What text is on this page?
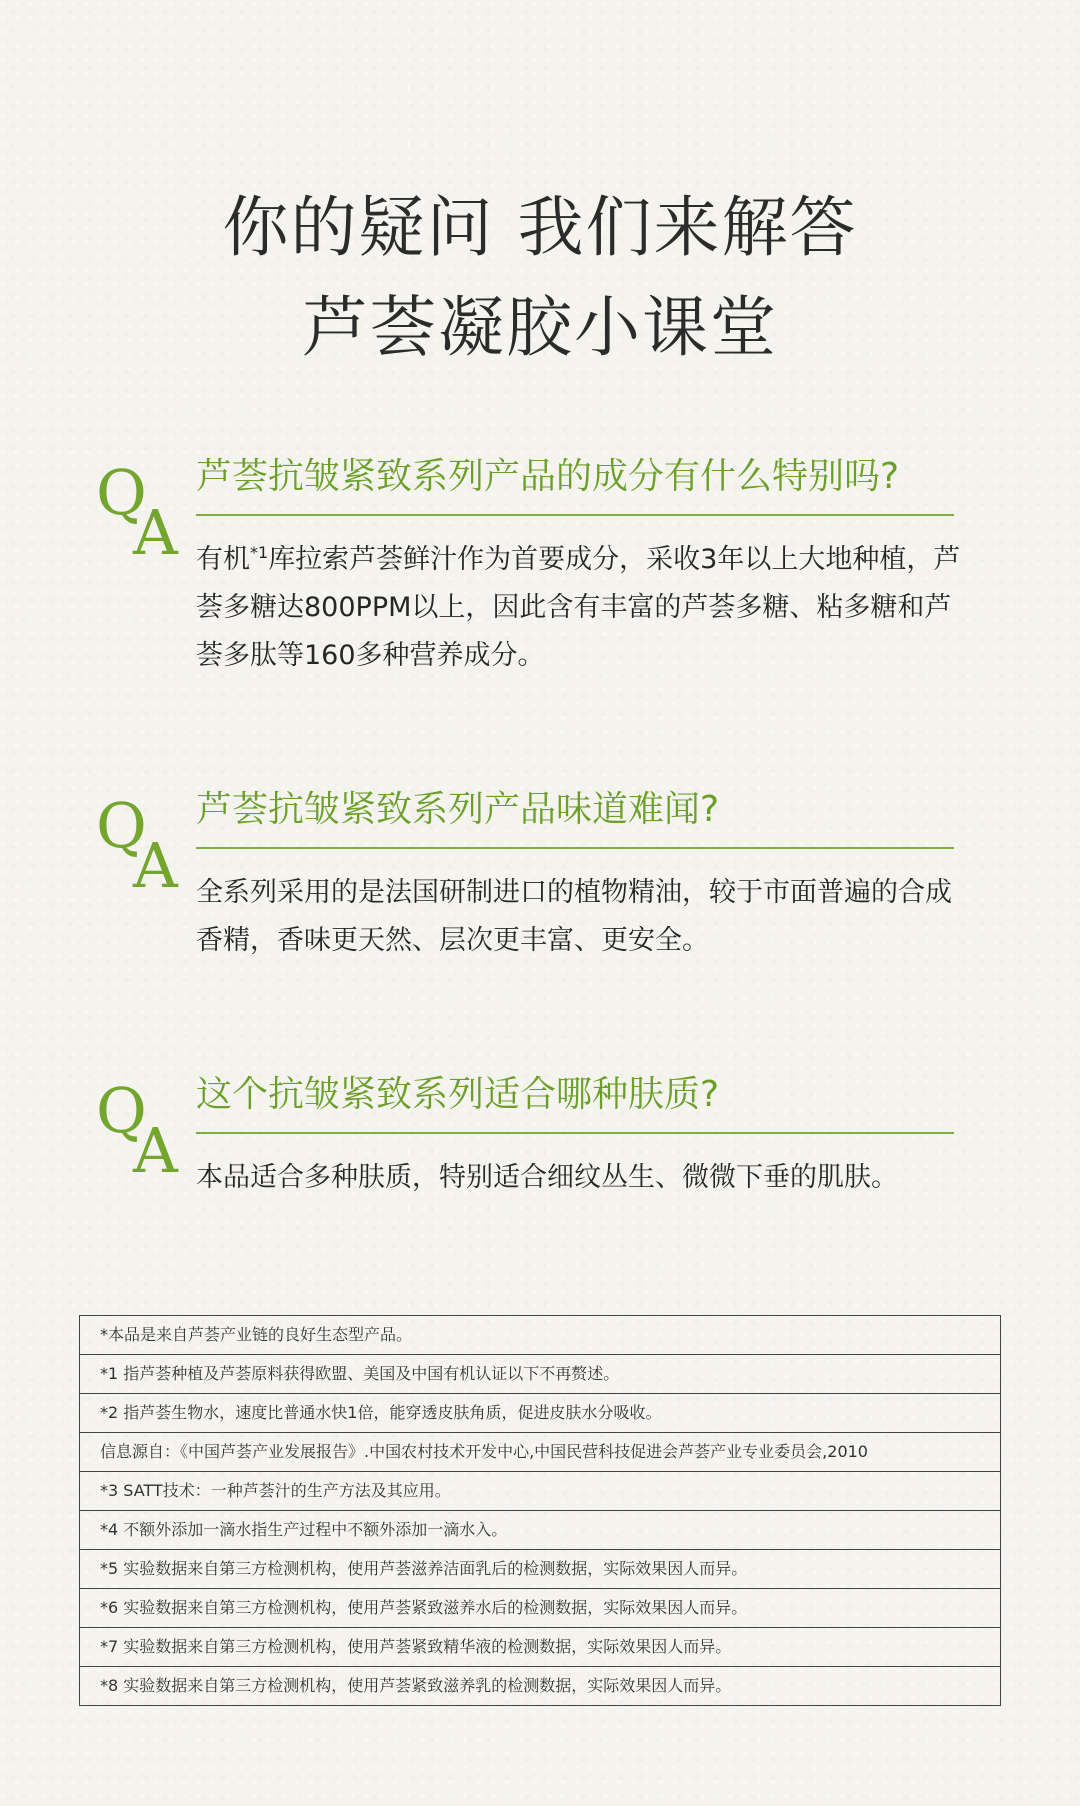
你的疑问 我们来解答
芦荟凝胶小课堂
Q
A
芦荟抗皱紧致系列产品的成分有什么特别吗?
有机$^{*1}$库拉索芦荟鲜汁作为首要成分，采收3年以上大地种植，芦荟多糖达800PPM以上，因此含有丰富的芦荟多糖、粘多糖和芦荟多肽等160多种营养成分。
Q
A
芦荟抗皱紧致系列产品味道难闻?
全系列采用的是法国研制进口的植物精油，较于市面普遍的合成香精，香味更天然、层次更丰富、更安全。
Q
A
这个抗皱紧致系列适合哪种肤质?
本品适合多种肤质，特别适合细纹丛生、微微下垂的肌肤。
*本品是来自芦荟产业链的良好生态型产品。
*1 指芦荟种植及芦荟原料获得欧盟、美国及中国有机认证以下不再赘述。
*2 指芦荟生物水，速度比普通水快1倍，能穿透皮肤角质，促进皮肤水分吸收。
信息源自：《中国芦荟产业发展报告》.中国农村技术开发中心,中国民营科技促进会芦荟产业专业委员会,2010
*3 SATT技术：一种芦荟汁的生产方法及其应用。
*4 不额外添加一滴水指生产过程中不额外添加一滴水入。
*5 实验数据来自第三方检测机构，使用芦荟滋养洁面乳后的检测数据，实际效果因人而异。
*6 实验数据来自第三方检测机构，使用芦荟紧致滋养水后的检测数据，实际效果因人而异。
*7 实验数据来自第三方检测机构，使用芦荟紧致精华液的检测数据，实际效果因人而异。
*8 实验数据来自第三方检测机构，使用芦荟紧致滋养乳的检测数据，实际效果因人而异。
